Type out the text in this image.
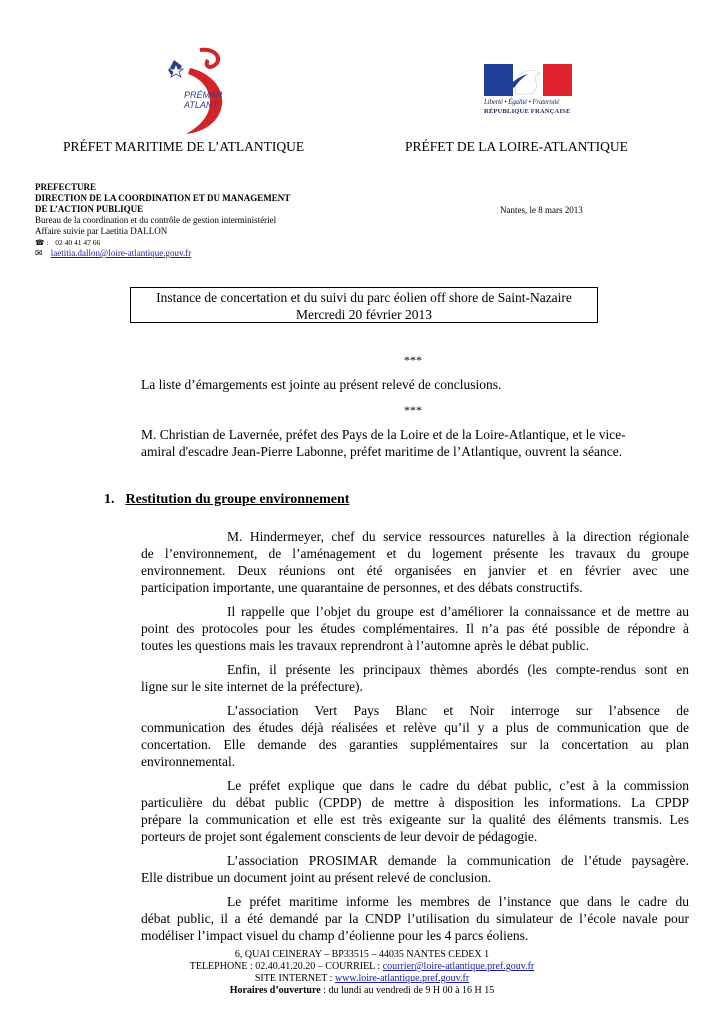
PRÉMAR
ATLANT	Liberté • Égalité • Fraternité
RÉPUBLIQUE FRANÇAISE
PRÉFET MARITIME DE L’ATLANTIQUE	PRÉFET DE LA LOIRE-ATLANTIQUE
PREFECTURE
DIRECTION DE LA COORDINATION ET DU MANAGEMENT
DE L’ACTION PUBLIQUE
Bureau de la coordination et du contrôle de gestion interministériel
Affaire suivie par Laetitia DALLON
☎ : 02 40 41 47 66
✉ laetitia.dallon@loire-atlantique.gouv.fr
Nantes, le 8 mars 2013
Instance de concertation et du suivi du parc éolien off shore de Saint-Nazaire
Mercredi 20 février 2013
***
La liste d’émargements est jointe au présent relevé de conclusions.
***
M. Christian de Lavernée, préfet des Pays de la Loire et de la Loire-Atlantique, et le vice-
amiral d'escadre Jean-Pierre Labonne, préfet maritime de l’Atlantique, ouvrent la séance.
1. Restitution du groupe environnement
M. Hindermeyer, chef du service ressources naturelles à la direction régionale
de l’environnement, de l’aménagement et du logement présente les travaux du groupe
environnement. Deux réunions ont été organisées en janvier et en février avec une
participation importante, une quarantaine de personnes, et des débats constructifs.
Il rappelle que l’objet du groupe est d’améliorer la connaissance et de mettre au
point des protocoles pour les études complémentaires. Il n’a pas été possible de répondre à
toutes les questions mais les travaux reprendront à l’automne après le débat public.
Enfin, il présente les principaux thèmes abordés (les compte-rendus sont en
ligne sur le site internet de la préfecture).
L’association Vert Pays Blanc et Noir interroge sur l’absence de
communication des études déjà réalisées et relève qu’il y a plus de communication que de
concertation. Elle demande des garanties supplémentaires sur la concertation au plan
environnemental.
Le préfet explique que dans le cadre du débat public, c’est à la commission
particulière du débat public (CPDP) de mettre à disposition les informations. La CPDP
prépare la communication et elle est très exigeante sur la qualité des éléments transmis. Les
porteurs de projet sont également conscients de leur devoir de pédagogie.
L’association PROSIMAR demande la communication de l’étude paysagère.
Elle distribue un document joint au présent relevé de conclusion.
Le préfet maritime informe les membres de l’instance que dans le cadre du
débat public, il a été demandé par la CNDP l’utilisation du simulateur de l’école navale pour
modéliser l’impact visuel du champ d’éolienne pour les 4 parcs éoliens.
6, QUAI CEINERAY – BP33515 – 44035 NANTES CEDEX 1
TELEPHONE : 02.40.41.20.20 – COURRIEL : courrier@loire-atlantique.pref.gouv.fr
SITE INTERNET : www.loire-atlantique.pref.gouv.fr
Horaires d’ouverture : du lundi au vendredi de 9 H 00 à 16 H 15
